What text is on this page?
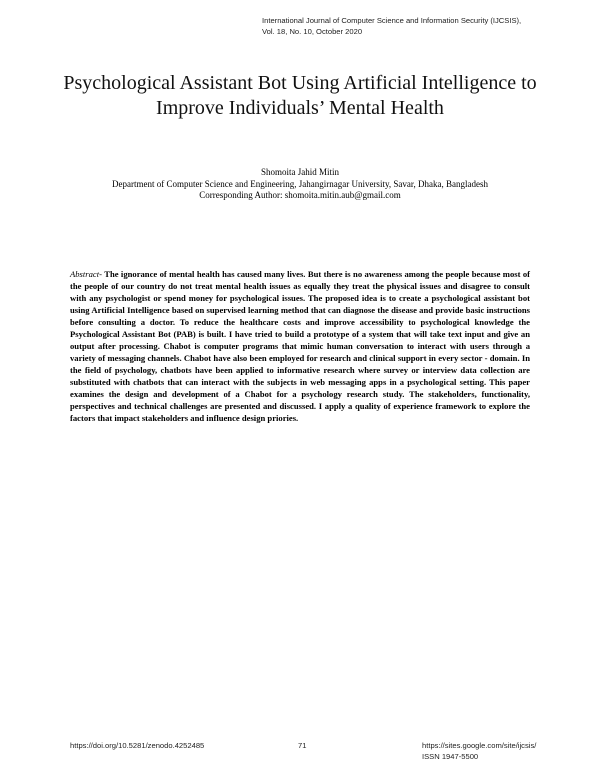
International Journal of Computer Science and Information Security (IJCSIS),
Vol. 18, No. 10, October 2020
Psychological Assistant Bot Using Artificial Intelligence to Improve Individuals’ Mental Health
Shomoita Jahid Mitin
Department of Computer Science and Engineering, Jahangirnagar University, Savar, Dhaka, Bangladesh
Corresponding Author: shomoita.mitin.aub@gmail.com
Abstract- The ignorance of mental health has caused many lives. But there is no awareness among the people because most of the people of our country do not treat mental health issues as equally they treat the physical issues and disagree to consult with any psychologist or spend money for psychological issues. The proposed idea is to create a psychological assistant bot using Artificial Intelligence based on supervised learning method that can diagnose the disease and provide basic instructions before consulting a doctor. To reduce the healthcare costs and improve accessibility to psychological knowledge the Psychological Assistant Bot (PAB) is built. I have tried to build a prototype of a system that will take text input and give an output after processing. Chabot is computer programs that mimic human conversation to interact with users through a variety of messaging channels. Chabot have also been employed for research and clinical support in every sector - domain. In the field of psychology, chatbots have been applied to informative research where survey or interview data collection are substituted with chatbots that can interact with the subjects in web messaging apps in a psychological setting. This paper examines the design and development of a Chabot for a psychology research study. The stakeholders, functionality, perspectives and technical challenges are presented and discussed. I apply a quality of experience framework to explore the factors that impact stakeholders and influence design priories.
https://doi.org/10.5281/zenodo.4252485	71	https://sites.google.com/site/ijcsis/
ISSN 1947-5500
